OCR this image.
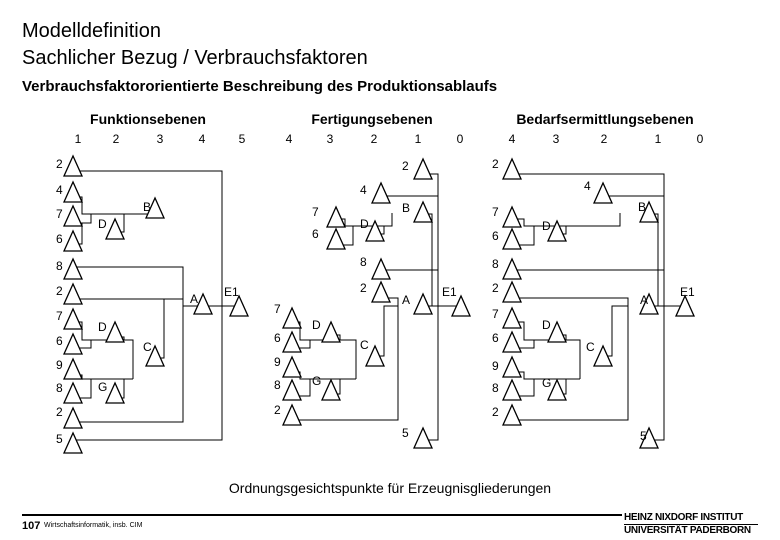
Modelldefinition
Sachlicher Bezug / Verbrauchsfaktoren
Verbrauchsfaktororientierte Beschreibung des Produktionsablaufs
Funktionsebenen
1	2	3	4	5
2
4
7
6
D
B
8
2
7
6
D
C
9
8	G
2
5
A E1
Fertigungsebenen
4	3	2	1	0
2
4
7
6
D
B
8
2
7
6
D
C
9
8	G
2
5
A
E1
Bedarfsermittlungsebenen
4	3	2	1	0
2
4
7
6
D
B
8
2
7
6
D
C
9
8	G
2
5
A
E1
Ordnungsgesichtspunkte für Erzeugnisgliederungen
107 Wirtschaftsinformatik, insb. CIM
HEINZ NIXDORF INSTITUT
UNIVERSITÄT PADERBORN
